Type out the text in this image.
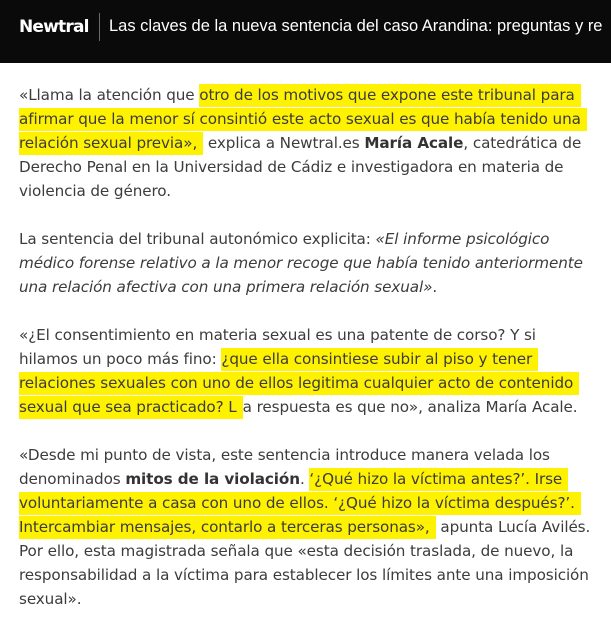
Newtral Las claves de la nueva sentencia del caso Arandina: preguntas y re

«Llama la atención que otro de los motivos que expone este tribunal para afirmar que la menor sí consintió este acto sexual es que había tenido una relación sexual previa», explica a Newtral.es María Acale, catedrática de Derecho Penal en la Universidad de Cádiz e investigadora en materia de violencia de género.

La sentencia del tribunal autonómico explicita: «El informe psicológico médico forense relativo a la menor recoge que había tenido anteriormente una relación afectiva con una primera relación sexual».

«¿El consentimiento en materia sexual es una patente de corso? Y si hilamos un poco más fino: ¿que ella consintiese subir al piso y tener relaciones sexuales con uno de ellos legitima cualquier acto de contenido sexual que sea practicado? L a respuesta es que no», analiza María Acale.

«Desde mi punto de vista, este sentencia introduce manera velada los denominados mitos de la violación. ‘¿Qué hizo la víctima antes?’. Irse voluntariamente a casa con uno de ellos. ‘¿Qué hizo la víctima después?’. Intercambiar mensajes, contarlo a terceras personas», apunta Lucía Avilés. Por ello, esta magistrada señala que «esta decisión traslada, de nuevo, la responsabilidad a la víctima para establecer los límites ante una imposición sexual».
